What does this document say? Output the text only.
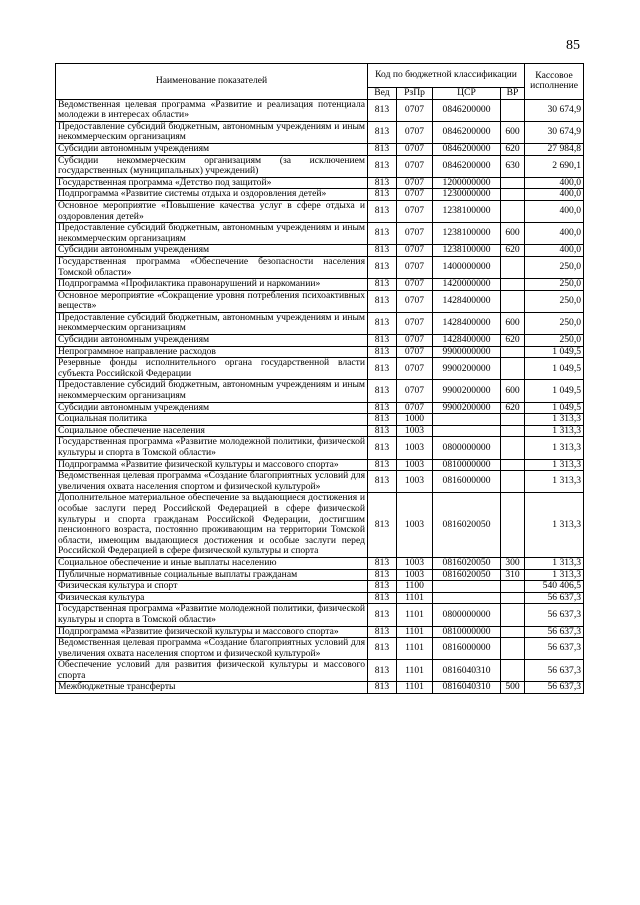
85
Наименование показателей	Код по бюджетной классификации				Кассовое исполнение
	Вед	РзПр	ЦСР	ВР	
Ведомственная целевая программа «Развитие и реализация потенциала молодежи в интересах области»	813	0707	0846200000		30 674,9
Предоставление субсидий бюджетным, автономным учреждениям и иным некоммерческим организациям	813	0707	0846200000	600	30 674,9
Субсидии автономным учреждениям	813	0707	0846200000	620	27 984,8
Субсидии некоммерческим организациям (за исключением государственных (муниципальных) учреждений)	813	0707	0846200000	630	2 690,1
Государственная программа «Детство под защитой»	813	0707	1200000000		400,0
Подпрограмма «Развитие системы отдыха и оздоровления детей»	813	0707	1230000000		400,0
Основное мероприятие «Повышение качества услуг в сфере отдыха и оздоровления детей»	813	0707	1238100000		400,0
Предоставление субсидий бюджетным, автономным учреждениям и иным некоммерческим организациям	813	0707	1238100000	600	400,0
Субсидии автономным учреждениям	813	0707	1238100000	620	400,0
Государственная программа «Обеспечение безопасности населения Томской области»	813	0707	1400000000		250,0
Подпрограмма «Профилактика правонарушений и наркомании»	813	0707	1420000000		250,0
Основное мероприятие «Сокращение уровня потребления психоактивных веществ»	813	0707	1428400000		250,0
Предоставление субсидий бюджетным, автономным учреждениям и иным некоммерческим организациям	813	0707	1428400000	600	250,0
Субсидии автономным учреждениям	813	0707	1428400000	620	250,0
Непрограммное направление расходов	813	0707	9900000000		1 049,5
Резервные фонды исполнительного органа государственной власти субъекта Российской Федерации	813	0707	9900200000		1 049,5
Предоставление субсидий бюджетным, автономным учреждениям и иным некоммерческим организациям	813	0707	9900200000	600	1 049,5
Субсидии автономным учреждениям	813	0707	9900200000	620	1 049,5
Социальная политика	813	1000			1 313,3
Социальное обеспечение населения	813	1003			1 313,3
Государственная программа «Развитие молодежной политики, физической культуры и спорта в Томской области»	813	1003	0800000000		1 313,3
Подпрограмма «Развитие физической культуры и массового спорта»	813	1003	0810000000		1 313,3
Ведомственная целевая программа «Создание благоприятных условий для увеличения охвата населения спортом и физической культурой»	813	1003	0816000000		1 313,3
Дополнительное материальное обеспечение за выдающиеся достижения и особые заслуги перед Российской Федерацией в сфере физической культуры и спорта гражданам Российской Федерации, достигшим пенсионного возраста, постоянно проживающим на территории Томской области, имеющим выдающиеся достижения и особые заслуги перед Российской Федерацией в сфере физической культуры и спорта	813	1003	0816020050		1 313,3
Социальное обеспечение и иные выплаты населению	813	1003	0816020050	300	1 313,3
Публичные нормативные социальные выплаты гражданам	813	1003	0816020050	310	1 313,3
Физическая культура и спорт	813	1100			540 406,5
Физическая культура	813	1101			56 637,3
Государственная программа «Развитие молодежной политики, физической культуры и спорта в Томской области»	813	1101	0800000000		56 637,3
Подпрограмма «Развитие физической культуры и массового спорта»	813	1101	0810000000		56 637,3
Ведомственная целевая программа «Создание благоприятных условий для увеличения охвата населения спортом и физической культурой»	813	1101	0816000000		56 637,3
Обеспечение условий для развития физической культуры и массового спорта	813	1101	0816040310		56 637,3
Межбюджетные трансферты	813	1101	0816040310	500	56 637,3
